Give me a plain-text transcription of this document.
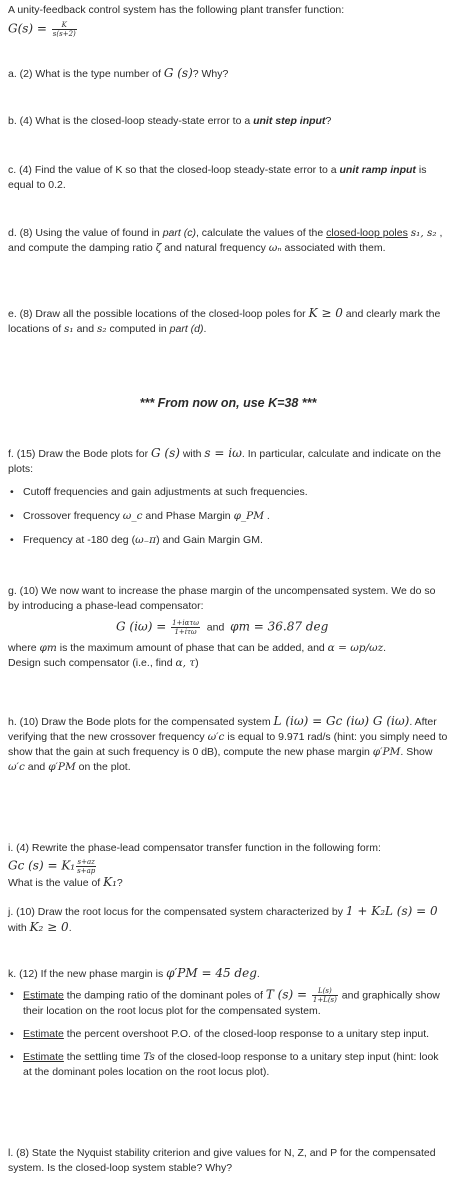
A unity-feedback control system has the following plant transfer function:
$G(s) = \frac{K}{s(s+2)}$
a. (2) What is the type number of G (s)? Why?
b. (4) What is the closed-loop steady-state error to a unit step input?
c. (4) Find the value of K so that the closed-loop steady-state error to a unit ramp input is equal to 0.2.
d. (8) Using the value of found in part (c), calculate the values of the closed-loop poles s₁, s₂ , and compute the damping ratio ζ and natural frequency ωₙ associated with them.
e. (8) Draw all the possible locations of the closed-loop poles for K ≥ 0 and clearly mark the locations of s₁ and s₂ computed in part (d).
*** From now on, use K=38 ***
f. (15) Draw the Bode plots for G (s) with s = iω. In particular, calculate and indicate on the plots:
• Cutoff frequencies and gain adjustments at such frequencies.
• Crossover frequency ω_c and Phase Margin φ_PM .
• Frequency at -180 deg (ω₋π) and Gain Margin GM.
g. (10) We now want to increase the phase margin of the uncompensated system. We do so by introducing a phase-lead compensator:
G $(i\omega) = \frac{\text{1+iατω}}{\text{1+iτω}}$ and φm = 36.87 deg
where φm is the maximum amount of phase that can be added, and α = ωp/ωz.
Design such compensator (i.e., find α, τ)
h. (10) Draw the Bode plots for the compensated system L (iω) = Gc (iω) G (iω). After verifying that the new crossover frequency ω′c is equal to 9.971 rad/s (hint: you simply need to show that the gain at such frequency is 0 dB), compute the new phase margin φ′PM. Show ω′c and φ′PM on the plot.
i. (4) Rewrite the phase-lead compensator transfer function in the following form:
Gc $(s) = K_1 \frac{s+az}{s+ap}$
What is the value of K₁?
j. (10) Draw the root locus for the compensated system characterized by 1 + K₂L (s) = 0 with K₂ ≥ 0.
k. (12) If the new phase margin is φ′PM = 45 deg.
• Estimate the damping ratio of the dominant poles of T $(s) = \frac{L(s)}{1+L(s)}$ and graphically show their location on the root locus plot for the compensated system.
• Estimate the percent overshoot P.O. of the closed-loop response to a unitary step input.
• Estimate the settling time Ts of the closed-loop response to a unitary step input (hint: look at the dominant poles location on the root locus plot).
l. (8) State the Nyquist stability criterion and give values for N, Z, and P for the compensated system. Is the closed-loop system stable? Why?
